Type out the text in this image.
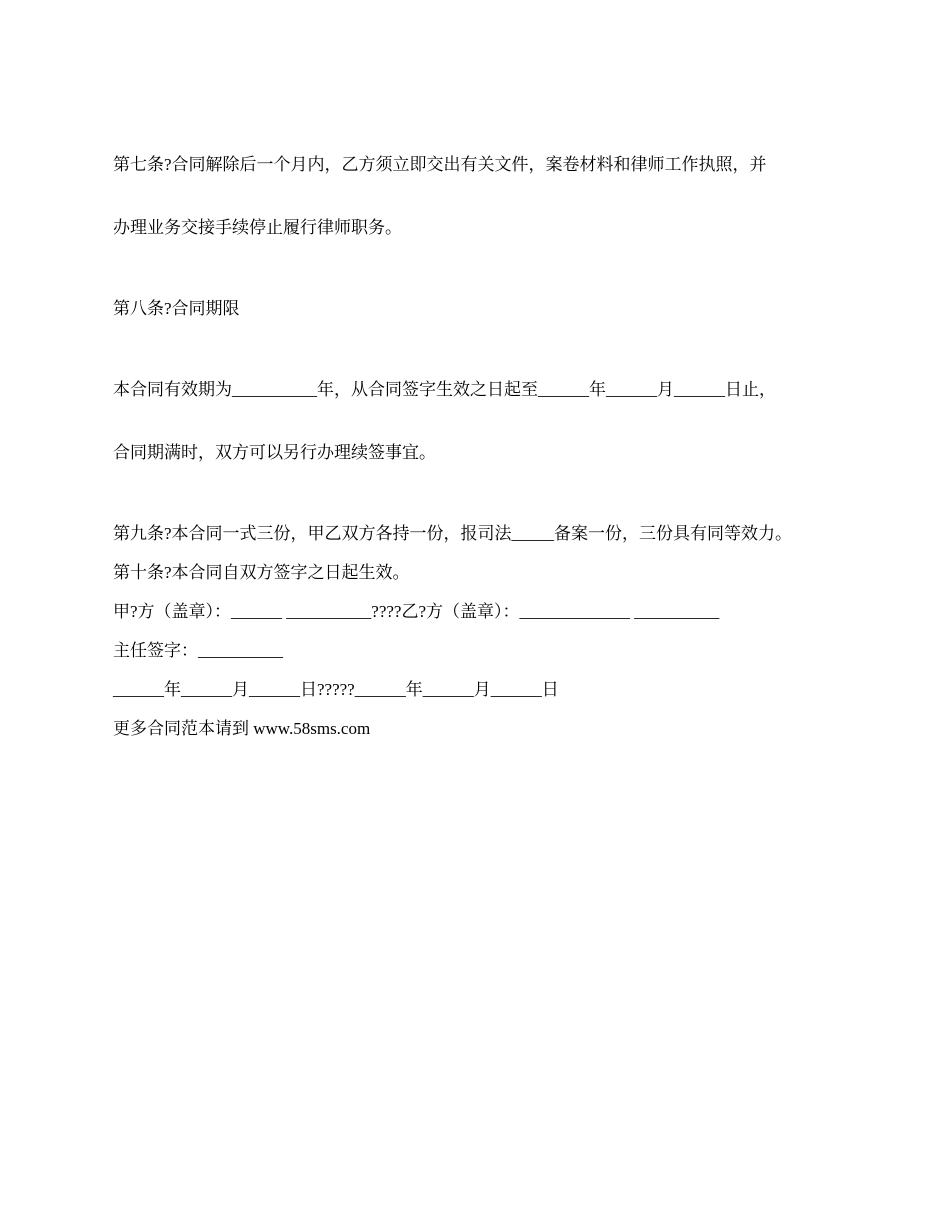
第七条?合同解除后一个月内，乙方须立即交出有关文件，案卷材料和律师工作执照，并

办理业务交接手续停止履行律师职务。

第八条?合同期限

本合同有效期为__________年，从合同签字生效之日起至______年______月______日止，

合同期满时，双方可以另行办理续签事宜。

第九条?本合同一式三份，甲乙双方各持一份，报司法_____备案一份，三份具有同等效力。

第十条?本合同自双方签字之日起生效。

甲?方（盖章）：______ __________????乙?方（盖章）：_____________ __________

主任签字：__________

______年______月______日?????______年______月______日

更多合同范本请到 www.58sms.com
